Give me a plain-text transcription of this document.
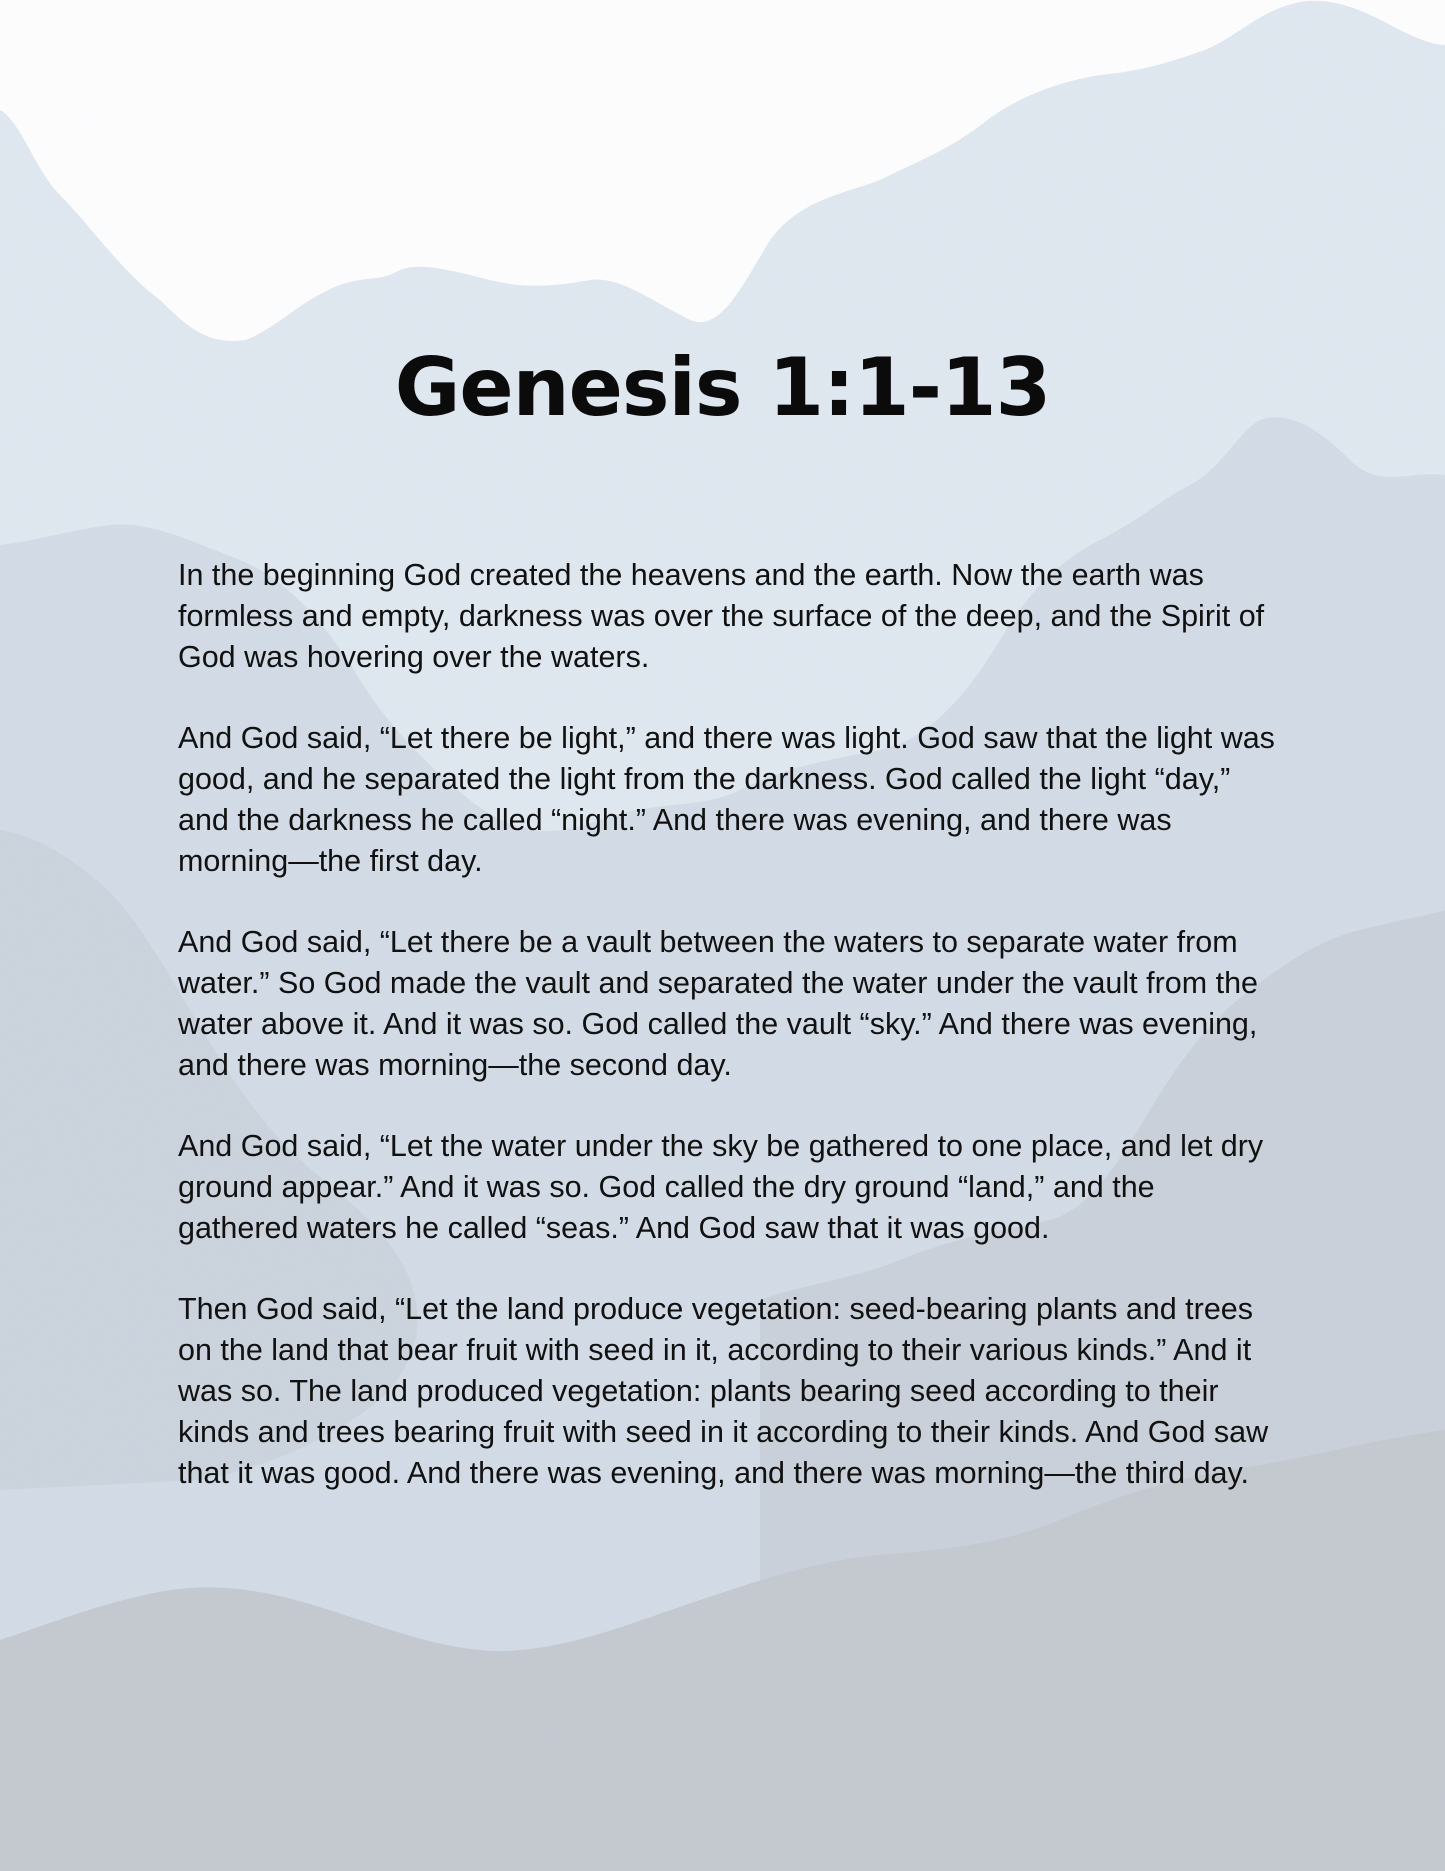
Genesis 1:1-13

In the beginning God created the heavens and the earth. Now the earth was formless and empty, darkness was over the surface of the deep, and the Spirit of God was hovering over the waters.

And God said, “Let there be light,” and there was light. God saw that the light was good, and he separated the light from the darkness. God called the light “day,” and the darkness he called “night.” And there was evening, and there was morning—the first day.

And God said, “Let there be a vault between the waters to separate water from water.” So God made the vault and separated the water under the vault from the water above it. And it was so. God called the vault “sky.” And there was evening, and there was morning—the second day.

And God said, “Let the water under the sky be gathered to one place, and let dry ground appear.” And it was so. God called the dry ground “land,” and the gathered waters he called “seas.” And God saw that it was good.

Then God said, “Let the land produce vegetation: seed-bearing plants and trees on the land that bear fruit with seed in it, according to their various kinds.” And it was so. The land produced vegetation: plants bearing seed according to their kinds and trees bearing fruit with seed in it according to their kinds. And God saw that it was good. And there was evening, and there was morning—the third day.
